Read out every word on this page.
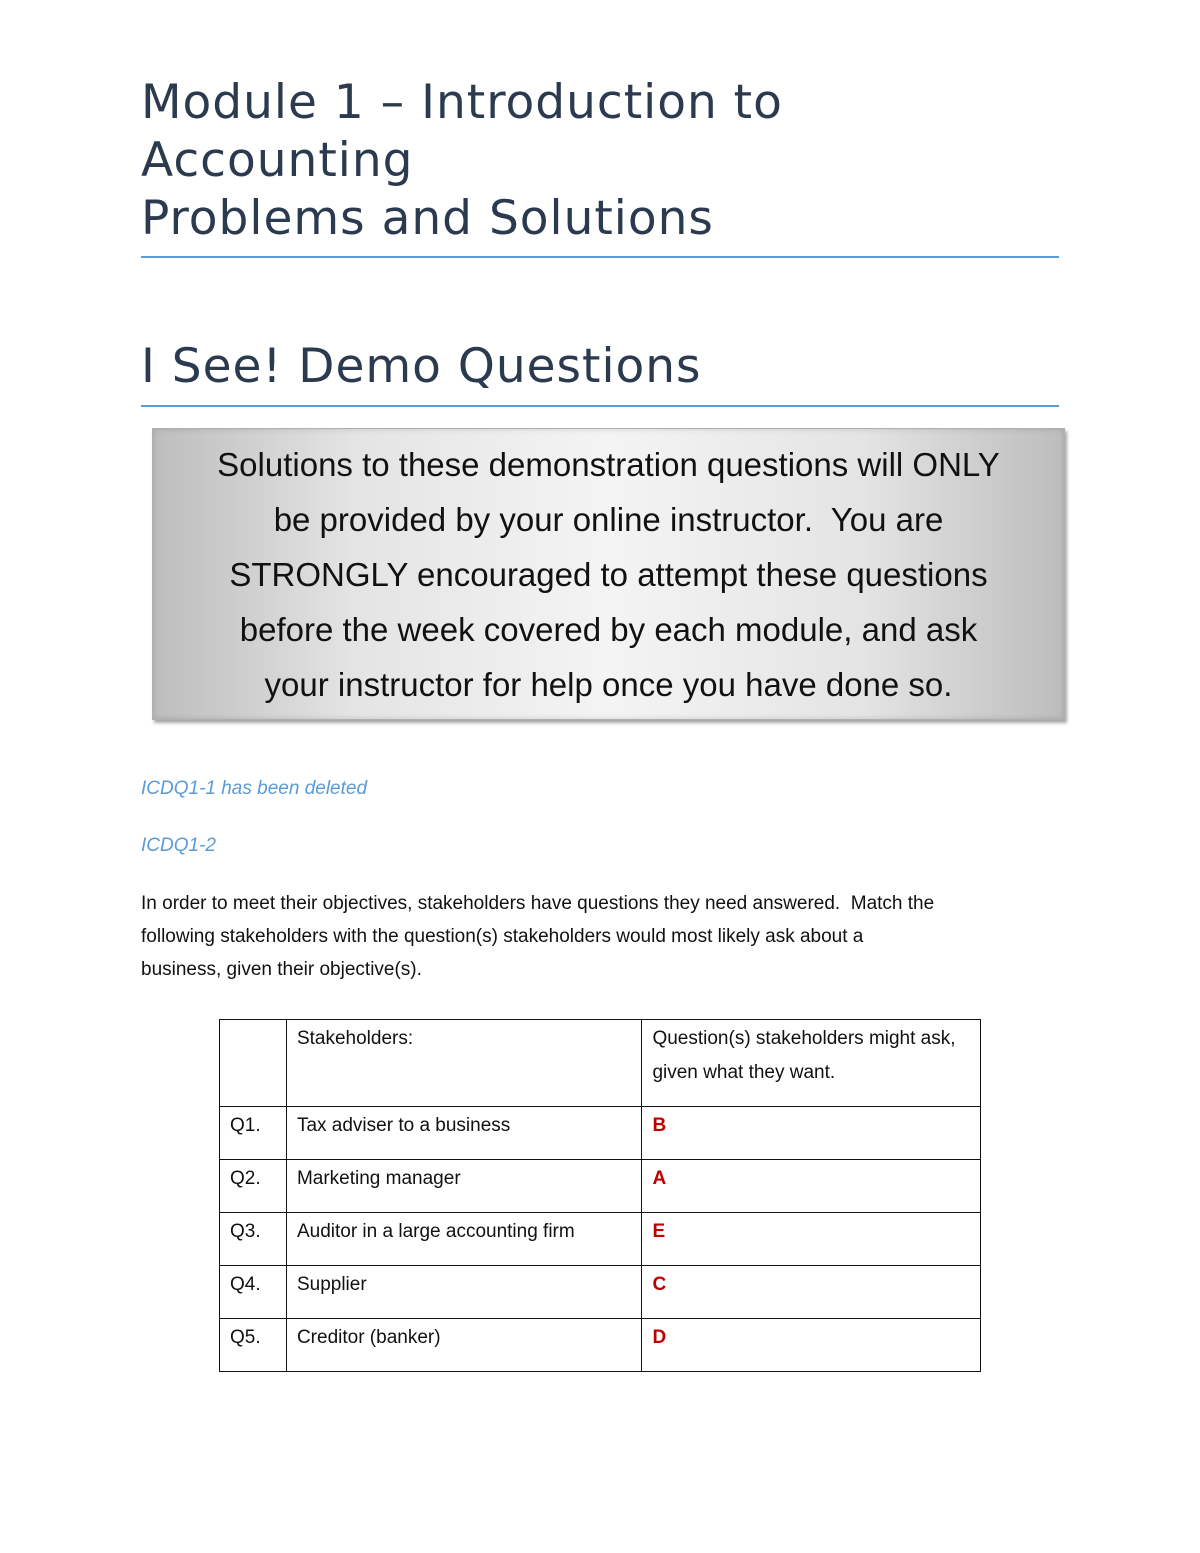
Module 1 – Introduction to
Accounting
Problems and Solutions
I See! Demo Questions
Solutions to these demonstration questions will ONLY
be provided by your online instructor.  You are
STRONGLY encouraged to attempt these questions
before the week covered by each module, and ask
your instructor for help once you have done so.
ICDQ1-1 has been deleted
ICDQ1-2
In order to meet their objectives, stakeholders have questions they need answered.  Match the
following stakeholders with the question(s) stakeholders would most likely ask about a
business, given their objective(s).
	Stakeholders:	Question(s) stakeholders might ask, given what they want.
Q1.	Tax adviser to a business	B
Q2.	Marketing manager	A
Q3.	Auditor in a large accounting firm	E
Q4.	Supplier	C
Q5.	Creditor (banker)	D
